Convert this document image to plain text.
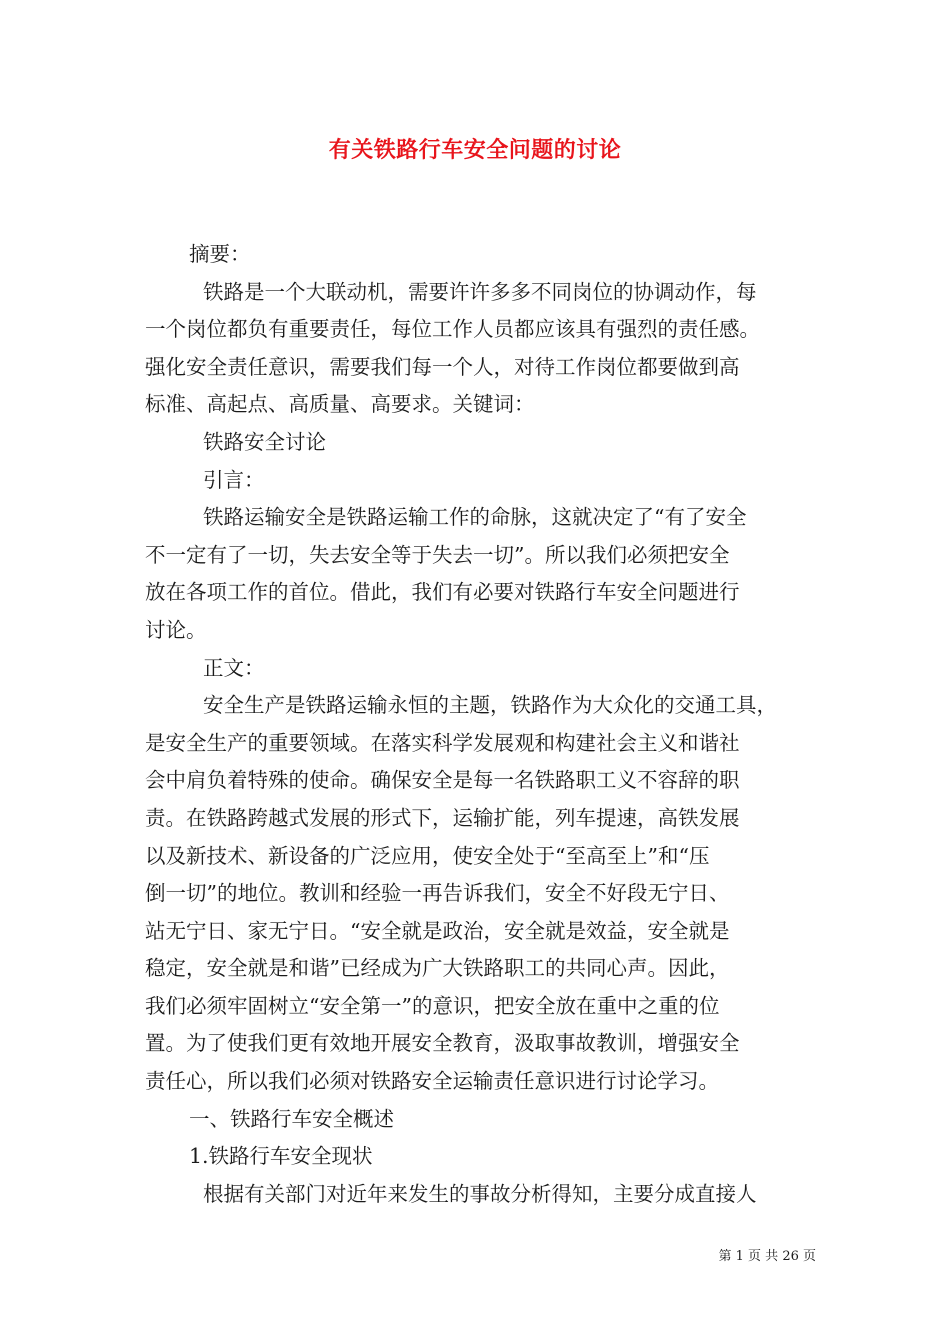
有关铁路行车安全问题的讨论
摘要：
铁路是一个大联动机，需要许许多多不同岗位的协调动作，每
一个岗位都负有重要责任，每位工作人员都应该具有强烈的责任感。
强化安全责任意识，需要我们每一个人，对待工作岗位都要做到高
标准、高起点、高质量、高要求。关键词：
铁路安全讨论
引言：
铁路运输安全是铁路运输工作的命脉，这就决定了“有了安全
不一定有了一切，失去安全等于失去一切”。所以我们必须把安全
放在各项工作的首位。借此，我们有必要对铁路行车安全问题进行
讨论。
正文：
安全生产是铁路运输永恒的主题，铁路作为大众化的交通工具，
是安全生产的重要领域。在落实科学发展观和构建社会主义和谐社
会中肩负着特殊的使命。确保安全是每一名铁路职工义不容辞的职
责。在铁路跨越式发展的形式下，运输扩能，列车提速，高铁发展
以及新技术、新设备的广泛应用，使安全处于“至高至上”和“压
倒一切”的地位。教训和经验一再告诉我们，安全不好段无宁日、
站无宁日、家无宁日。“安全就是政治，安全就是效益，安全就是
稳定，安全就是和谐”已经成为广大铁路职工的共同心声。因此，
我们必须牢固树立“安全第一”的意识，把安全放在重中之重的位
置。为了使我们更有效地开展安全教育，汲取事故教训，增强安全
责任心，所以我们必须对铁路安全运输责任意识进行讨论学习。
一、铁路行车安全概述
1.铁路行车安全现状
根据有关部门对近年来发生的事故分析得知，主要分成直接人
第 1 页 共 26 页
